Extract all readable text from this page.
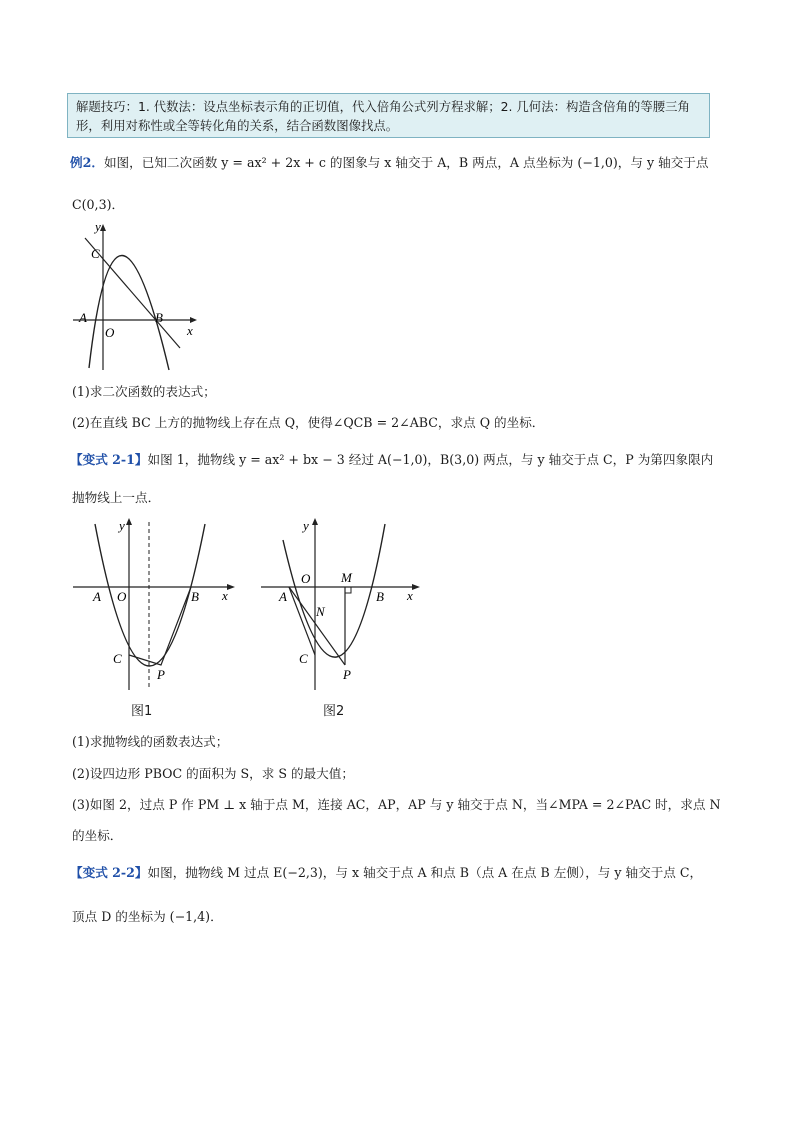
解题技巧：1. 代数法：设点坐标表示角的正切值，代入倍角公式列方程求解；2. 几何法：构造含倍角的等腰三角形，利用对称性或全等转化角的关系，结合函数图像找点。
例2．如图，已知二次函数 y = ax² + 2x + c 的图象与 x 轴交于 A，B 两点，A 点坐标为 (−1,0)，与 y 轴交于点
C(0,3)．
y
x
A
O
B
C
(1)求二次函数的表达式；
(2)在直线 BC 上方的抛物线上存在点 Q，使得∠QCB = 2∠ABC，求点 Q 的坐标．
【变式 2-1】如图 1，抛物线 y = ax² + bx − 3 经过 A(−1,0)，B(3,0) 两点，与 y 轴交于点 C，P 为第四象限内
抛物线上一点．
y
x
A O	B
C
P
图1
y
x
A
O M
B
N
C
P
图2
(1)求抛物线的函数表达式；
(2)设四边形 PBOC 的面积为 S，求 S 的最大值；
(3)如图 2，过点 P 作 PM ⊥ x 轴于点 M，连接 AC，AP，AP 与 y 轴交于点 N，当∠MPA = 2∠PAC 时，求点 N
的坐标．
【变式 2-2】如图，抛物线 M 过点 E(−2,3)，与 x 轴交于点 A 和点 B（点 A 在点 B 左侧），与 y 轴交于点 C，
顶点 D 的坐标为 (−1,4)．
